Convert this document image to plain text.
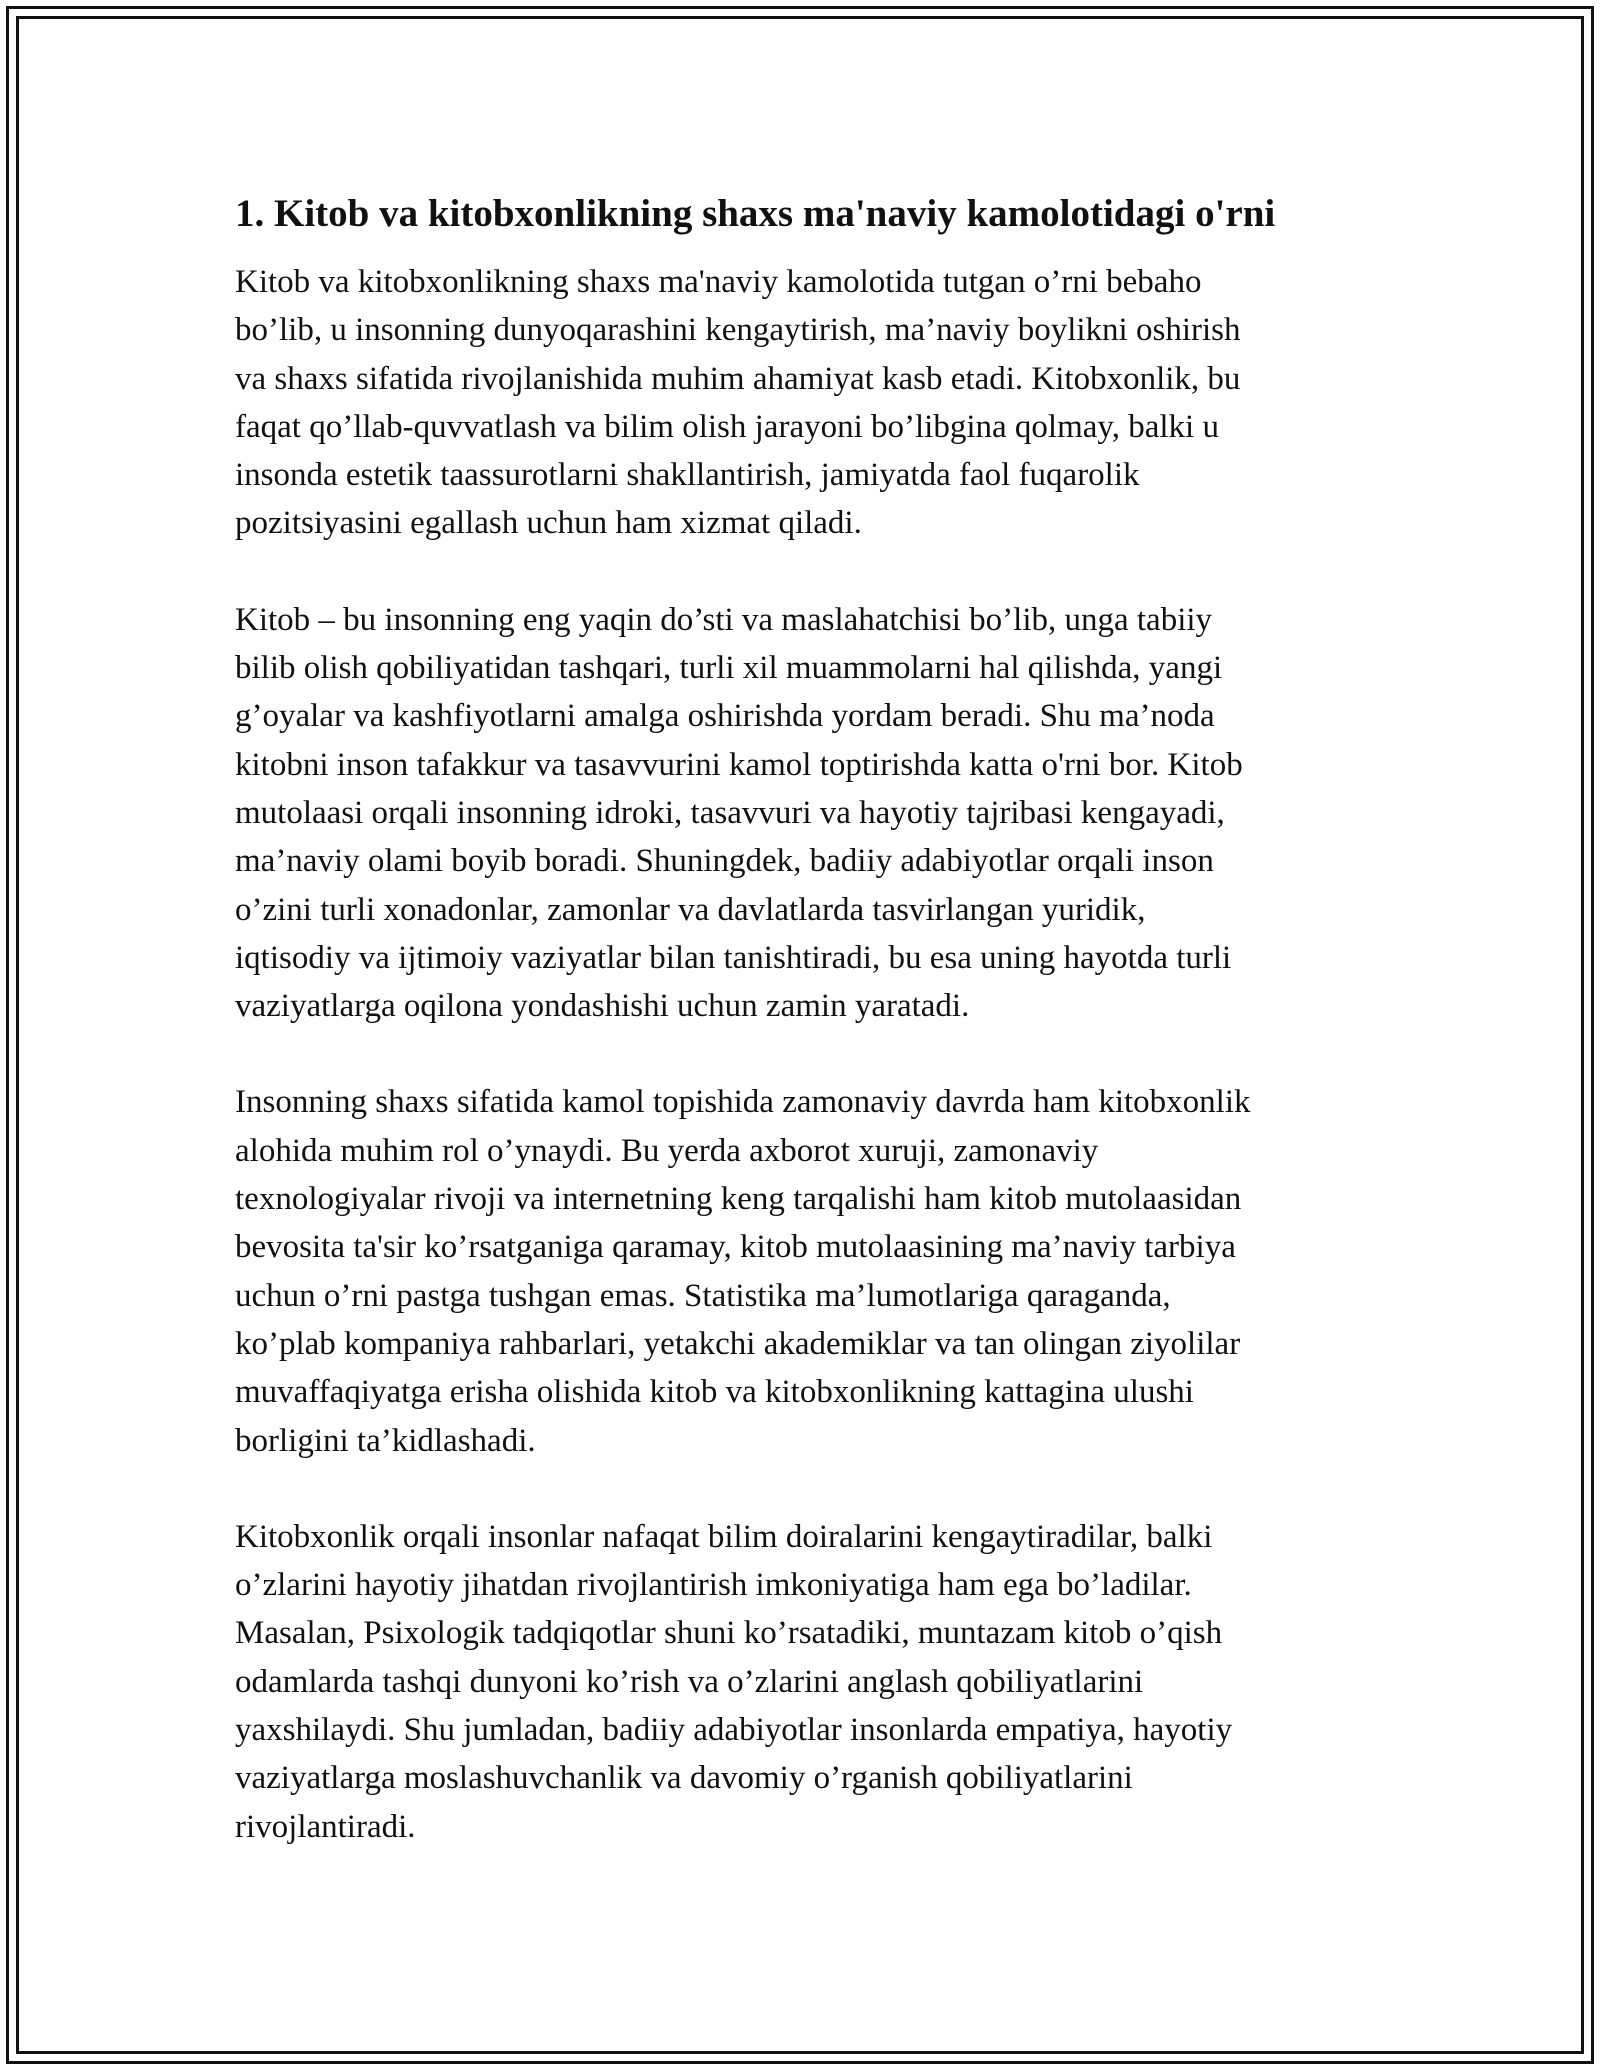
1. Kitob va kitobxonlikning shaxs ma'naviy kamolotidagi o'rni

Kitob va kitobxonlikning shaxs ma'naviy kamolotida tutgan o’rni bebaho
bo’lib, u insonning dunyoqarashini kengaytirish, ma’naviy boylikni oshirish
va shaxs sifatida rivojlanishida muhim ahamiyat kasb etadi. Kitobxonlik, bu
faqat qo’llab-quvvatlash va bilim olish jarayoni bo’libgina qolmay, balki u
insonda estetik taassurotlarni shakllantirish, jamiyatda faol fuqarolik
pozitsiyasini egallash uchun ham xizmat qiladi.

Kitob – bu insonning eng yaqin do’sti va maslahatchisi bo’lib, unga tabiiy
bilib olish qobiliyatidan tashqari, turli xil muammolarni hal qilishda, yangi
g’oyalar va kashfiyotlarni amalga oshirishda yordam beradi. Shu ma’noda
kitobni inson tafakkur va tasavvurini kamol toptirishda katta o'rni bor. Kitob
mutolaasi orqali insonning idroki, tasavvuri va hayotiy tajribasi kengayadi,
ma’naviy olami boyib boradi. Shuningdek, badiiy adabiyotlar orqali inson
o’zini turli xonadonlar, zamonlar va davlatlarda tasvirlangan yuridik,
iqtisodiy va ijtimoiy vaziyatlar bilan tanishtiradi, bu esa uning hayotda turli
vaziyatlarga oqilona yondashishi uchun zamin yaratadi.

Insonning shaxs sifatida kamol topishida zamonaviy davrda ham kitobxonlik
alohida muhim rol o’ynaydi. Bu yerda axborot xuruji, zamonaviy
texnologiyalar rivoji va internetning keng tarqalishi ham kitob mutolaasidan
bevosita ta'sir ko’rsatganiga qaramay, kitob mutolaasining ma’naviy tarbiya
uchun o’rni pastga tushgan emas. Statistika ma’lumotlariga qaraganda,
ko’plab kompaniya rahbarlari, yetakchi akademiklar va tan olingan ziyolilar
muvaffaqiyatga erisha olishida kitob va kitobxonlikning kattagina ulushi
borligini ta’kidlashadi.

Kitobxonlik orqali insonlar nafaqat bilim doiralarini kengaytiradilar, balki
o’zlarini hayotiy jihatdan rivojlantirish imkoniyatiga ham ega bo’ladilar.
Masalan, Psixologik tadqiqotlar shuni ko’rsatadiki, muntazam kitob o’qish
odamlarda tashqi dunyoni ko’rish va o’zlarini anglash qobiliyatlarini
yaxshilaydi. Shu jumladan, badiiy adabiyotlar insonlarda empatiya, hayotiy
vaziyatlarga moslashuvchanlik va davomiy o’rganish qobiliyatlarini
rivojlantiradi.
